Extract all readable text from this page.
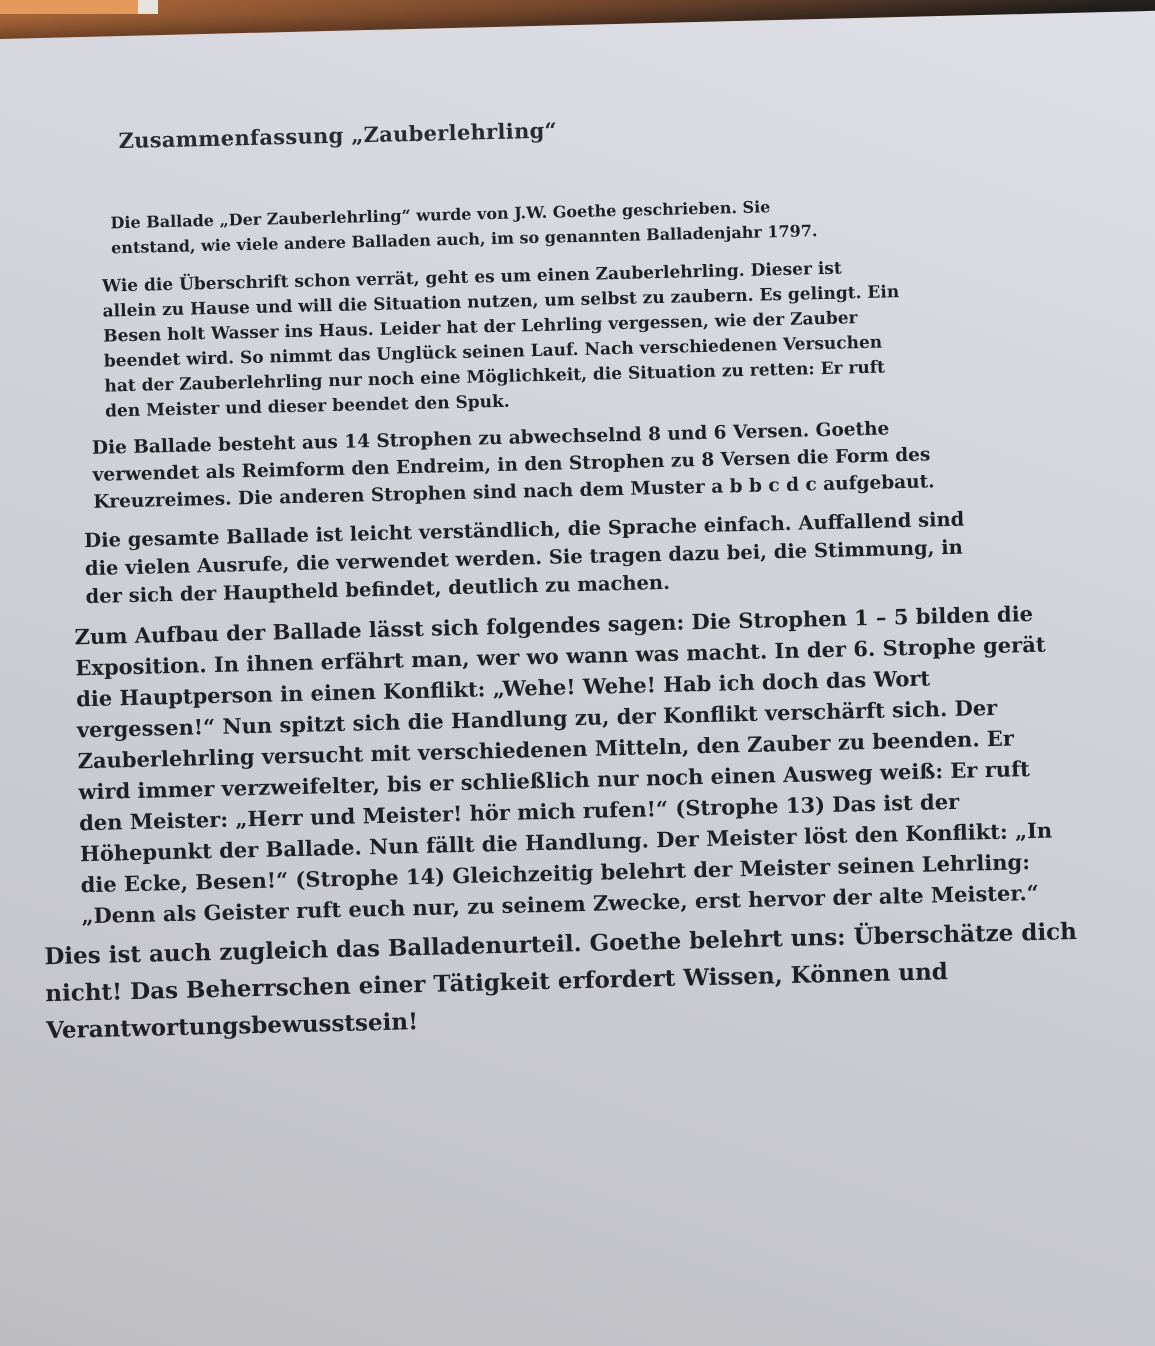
Zusammenfassung „Zauberlehrling“

Die Ballade „Der Zauberlehrling“ wurde von J.W. Goethe geschrieben. Sie
entstand, wie viele andere Balladen auch, im so genannten Balladenjahr 1797.

Wie die Überschrift schon verrät, geht es um einen Zauberlehrling. Dieser ist
allein zu Hause und will die Situation nutzen, um selbst zu zaubern. Es gelingt. Ein
Besen holt Wasser ins Haus. Leider hat der Lehrling vergessen, wie der Zauber
beendet wird. So nimmt das Unglück seinen Lauf. Nach verschiedenen Versuchen
hat der Zauberlehrling nur noch eine Möglichkeit, die Situation zu retten: Er ruft
den Meister und dieser beendet den Spuk.

Die Ballade besteht aus 14 Strophen zu abwechselnd 8 und 6 Versen. Goethe
verwendet als Reimform den Endreim, in den Strophen zu 8 Versen die Form des
Kreuzreimes. Die anderen Strophen sind nach dem Muster a b b c d c aufgebaut.

Die gesamte Ballade ist leicht verständlich, die Sprache einfach. Auffallend sind
die vielen Ausrufe, die verwendet werden. Sie tragen dazu bei, die Stimmung, in
der sich der Hauptheld befindet, deutlich zu machen.

Zum Aufbau der Ballade lässt sich folgendes sagen: Die Strophen 1 – 5 bilden die
Exposition. In ihnen erfährt man, wer wo wann was macht. In der 6. Strophe gerät
die Hauptperson in einen Konflikt: „Wehe! Wehe! Hab ich doch das Wort
vergessen!“ Nun spitzt sich die Handlung zu, der Konflikt verschärft sich. Der
Zauberlehrling versucht mit verschiedenen Mitteln, den Zauber zu beenden. Er
wird immer verzweifelter, bis er schließlich nur noch einen Ausweg weiß: Er ruft
den Meister: „Herr und Meister! hör mich rufen!“ (Strophe 13) Das ist der
Höhepunkt der Ballade. Nun fällt die Handlung. Der Meister löst den Konflikt: „In
die Ecke, Besen!“ (Strophe 14) Gleichzeitig belehrt der Meister seinen Lehrling:
„Denn als Geister ruft euch nur, zu seinem Zwecke, erst hervor der alte Meister.“

Dies ist auch zugleich das Balladenurteil. Goethe belehrt uns: Überschätze dich
nicht! Das Beherrschen einer Tätigkeit erfordert Wissen, Können und
Verantwortungsbewusstsein!
